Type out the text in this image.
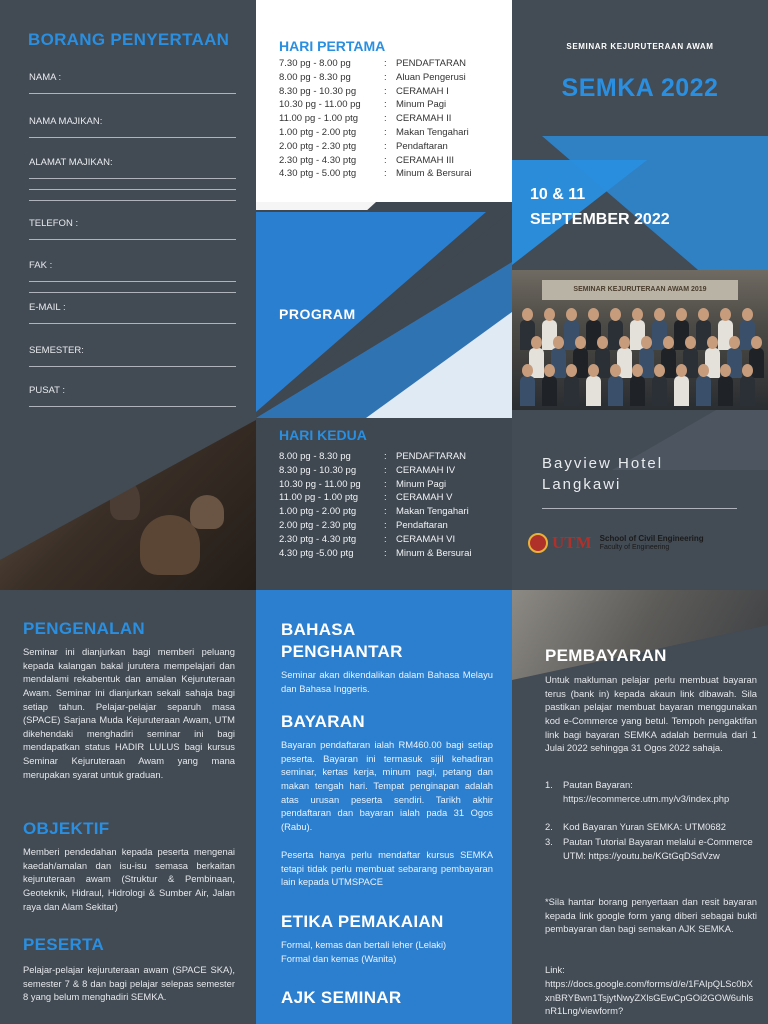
BORANG PENYERTAAN
NAMA :
NAMA MAJIKAN:
ALAMAT MAJIKAN:
TELEFON :
FAK :
E-MAIL :
SEMESTER:
PUSAT :
HARI PERTAMA
7.30 pg - 8.00 pg	: PENDAFTARAN
8.00 pg - 8.30 pg	: Aluan Pengerusi
8.30 pg - 10.30 pg	: CERAMAH I
10.30 pg - 11.00 pg	: Minum Pagi
11.00 pg - 1.00 ptg	: CERAMAH II
1.00 ptg - 2.00 ptg	: Makan Tengahari
2.00 ptg - 2.30 ptg	: Pendaftaran
2.30 ptg - 4.30 ptg	: CERAMAH III
4.30 ptg - 5.00 ptg	: Minum & Bersurai
PROGRAM
HARI KEDUA
8.00 pg - 8.30 pg	: PENDAFTARAN
8.30 pg - 10.30 pg	: CERAMAH IV
10.30 pg - 11.00 pg	: Minum Pagi
11.00 pg - 1.00 ptg	: CERAMAH V
1.00 ptg - 2.00 ptg	: Makan Tengahari
2.00 ptg - 2.30 ptg	: Pendaftaran
2.30 ptg - 4.30 ptg	: CERAMAH VI
4.30 ptg -5.00 ptg	: Minum & Bersurai
SEMINAR KEJURUTERAAN AWAM
SEMKA 2022
10 & 11
SEPTEMBER 2022
SEMINAR KEJURUTERAAN AWAM 2019
Bayview Hotel
Langkawi
UTM School of Civil Engineering
Faculty of Engineering
PENGENALAN
Seminar ini dianjurkan bagi memberi peluang kepada kalangan bakal jurutera mempelajari dan mendalami rekabentuk dan amalan Kejuruteraan Awam. Seminar ini dianjurkan sekali sahaja bagi setiap tahun. Pelajar-pelajar separuh masa (SPACE) Sarjana Muda Kejuruteraan Awam, UTM dikehendaki menghadiri seminar ini bagi mendapatkan status HADIR LULUS bagi kursus Seminar Kejuruteraan Awam yang mana merupakan syarat untuk graduan.
OBJEKTIF
Memberi pendedahan kepada peserta mengenai kaedah/amalan dan isu-isu semasa berkaitan kejuruteraan awam (Struktur & Pembinaan, Geoteknik, Hidraul, Hidrologi & Sumber Air, Jalan raya dan Alam Sekitar)
PESERTA
Pelajar-pelajar kejuruteraan awam (SPACE SKA), semester 7 & 8 dan bagi pelajar selepas semester 8 yang belum menghadiri SEMKA.
BAHASA
PENGHANTAR
Seminar akan dikendalikan dalam Bahasa Melayu dan Bahasa Inggeris.
BAYARAN
Bayaran pendaftaran ialah RM460.00 bagi setiap peserta. Bayaran ini termasuk sijil kehadiran seminar, kertas kerja, minum pagi, petang dan makan tengah hari. Tempat penginapan adalah atas urusan peserta sendiri. Tarikh akhir pendaftaran dan bayaran ialah pada 31 Ogos (Rabu).
Peserta hanya perlu mendaftar kursus SEMKA tetapi tidak perlu membuat sebarang pembayaran lain kepada UTMSPACE
ETIKA PEMAKAIAN
Formal, kemas dan bertali leher (Lelaki)
Formal dan kemas (Wanita)
AJK SEMINAR
PEMBAYARAN
Untuk makluman pelajar perlu membuat bayaran terus (bank in) kepada akaun link dibawah. Sila pastikan pelajar membuat bayaran menggunakan kod e-Commerce yang betul. Tempoh pengaktifan link bagi bayaran SEMKA adalah bermula dari 1 Julai 2022 sehingga 31 Ogos 2022 sahaja.
1.	Pautan Bayaran: https://ecommerce.utm.my/v3/index.php
2.	Kod Bayaran Yuran SEMKA: UTM0682
3.	Pautan Tutorial Bayaran melalui e-Commerce UTM: https://youtu.be/KGtGqDSdVzw
*Sila hantar borang penyertaan dan resit bayaran kepada link google form yang diberi sebagai bukti pembayaran dan bagi semakan AJK SEMKA.
Link:
https://docs.google.com/forms/d/e/1FAIpQLSc0bXxnBRYBwn1TsjytNwyZXlsGEwCpGOi2GOW6uhlsnR1Lng/viewform?
